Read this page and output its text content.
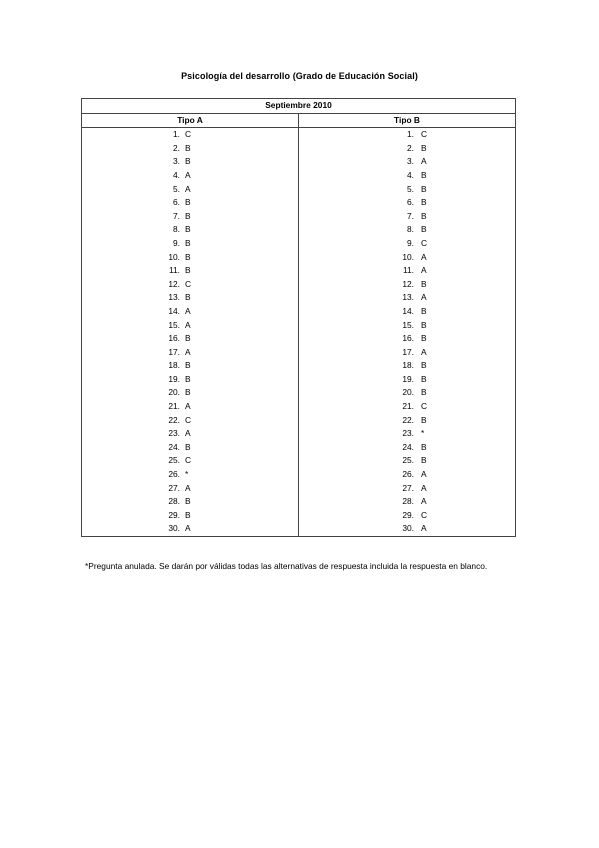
Psicología del desarrollo (Grado de Educación Social)
Septiembre 2010	
Tipo A	Tipo B

1. C	1. C

2. B	2. B

3. B	3. A

4. A	4. B

5. A	5. B

6. B	6. B

7. B	7. B

8. B	8. B

9. B	9. C

10. B	10. A

11. B	11. A

12. C	12. B

13. B	13. A

14. A	14. B

15. A	15. B

16. B	16. B

17. A	17. A

18. B	18. B

19. B	19. B

20. B	20. B

21. A	21. C

22. C	22. B

23. A	23. *

24. B	24. B

25. C	25. B

26. *	26. A

27. A	27. A

28. B	28. A

29. B	29. C

30. A	30. A
*Pregunta anulada. Se darán por válidas todas las alternativas de respuesta incluida la respuesta en blanco.
